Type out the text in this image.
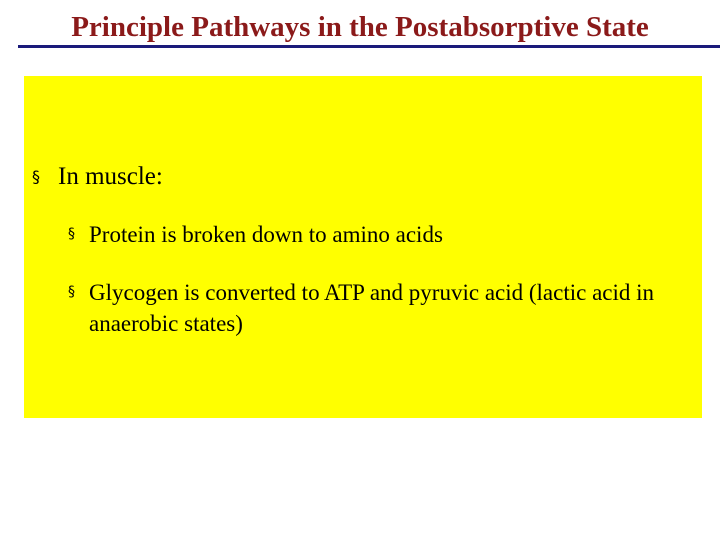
Principle Pathways in the Postabsorptive State
§ In muscle:
§ Protein is broken down to amino acids
§ Glycogen is converted to ATP and pyruvic acid (lactic acid in anaerobic states)
